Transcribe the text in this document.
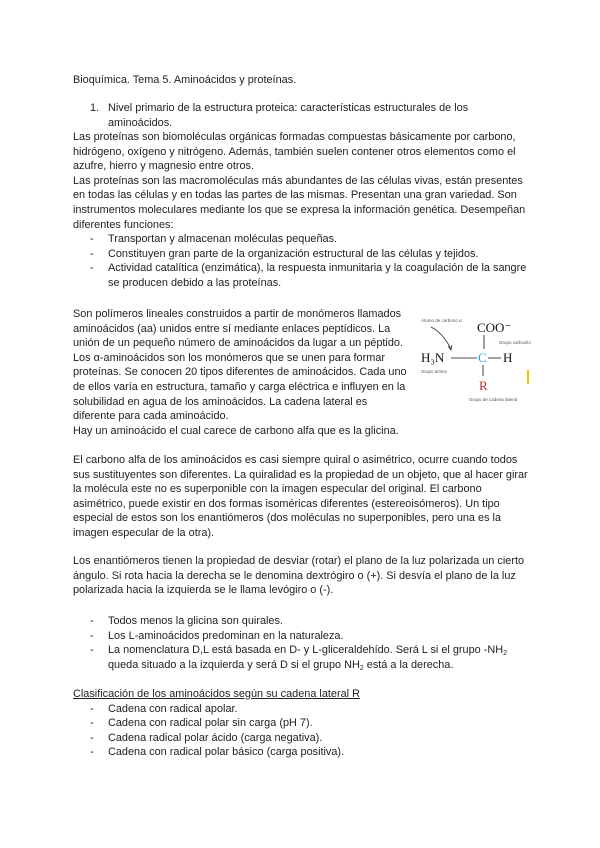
Bioquímica. Tema 5. Aminoácidos y proteínas.

1. Nivel primario de la estructura proteica: características estructurales de los aminoácidos.

Las proteínas son biomoléculas orgánicas formadas compuestas básicamente por carbono, hidrógeno, oxígeno y nitrógeno. Además, también suelen contener otros elementos como el azufre, hierro y magnesio entre otros.

Las proteínas son las macromoléculas más abundantes de las células vivas, están presentes en todas las células y en todas las partes de las mismas. Presentan una gran variedad. Son instrumentos moleculares mediante los que se expresa la información genética. Desempeñan diferentes funciones:

- Transportan y almacenan moléculas pequeñas.
- Constituyen gran parte de la organización estructural de las células y tejidos.
- Actividad catalítica (enzimática), la respuesta inmunitaria y la coagulación de la sangre se producen debido a las proteínas.

Son polímeros lineales construidos a partir de monómeros llamados aminoácidos (aa) unidos entre sí mediante enlaces peptídicos. La unión de un pequeño número de aminoácidos da lugar a un péptido. Los α-aminoácidos son los monómeros que se unen para formar proteínas. Se conocen 20 tipos diferentes de aminoácidos. Cada uno de ellos varía en estructura, tamaño y carga eléctrica e influyen en la solubilidad en agua de los aminoácidos. La cadena lateral es diferente para cada aminoácido.

Hay un aminoácido el cual carece de carbono alfa que es la glicina.

Átomo de carbono α COO⁻
Grupo carboxilo
H₃N	C H
Grupo amino
R
Grupo de cadena lateral

El carbono alfa de los aminoácidos es casi siempre quiral o asimétrico, ocurre cuando todos sus sustituyentes son diferentes. La quiralidad es la propiedad de un objeto, que al hacer girar la molécula este no es superponible con la imagen especular del original. El carbono asimétrico, puede existir en dos formas isoméricas diferentes (estereoisómeros). Un tipo especial de estos son los enantiómeros (dos moléculas no superponibles, pero una es la imagen especular de la otra).

Los enantiómeros tienen la propiedad de desviar (rotar) el plano de la luz polarizada un cierto ángulo. Si rota hacia la derecha se le denomina dextrógiro o (+). Si desvía el plano de la luz polarizada hacia la izquierda se le llama levógiro o (-).

- Todos menos la glicina son quirales.
- Los L-aminoácidos predominan en la naturaleza.
- La nomenclatura D,L está basada en D- y L-gliceraldehído. Será L si el grupo $-NH_2$ queda situado a la izquierda y será D si el grupo $NH_2$ está a la derecha.

Clasificación de los aminoácidos según su cadena lateral R

- Cadena con radical apolar.
- Cadena con radical polar sin carga (pH 7).
- Cadena radical polar ácido (carga negativa).
- Cadena con radical polar básico (carga positiva).
